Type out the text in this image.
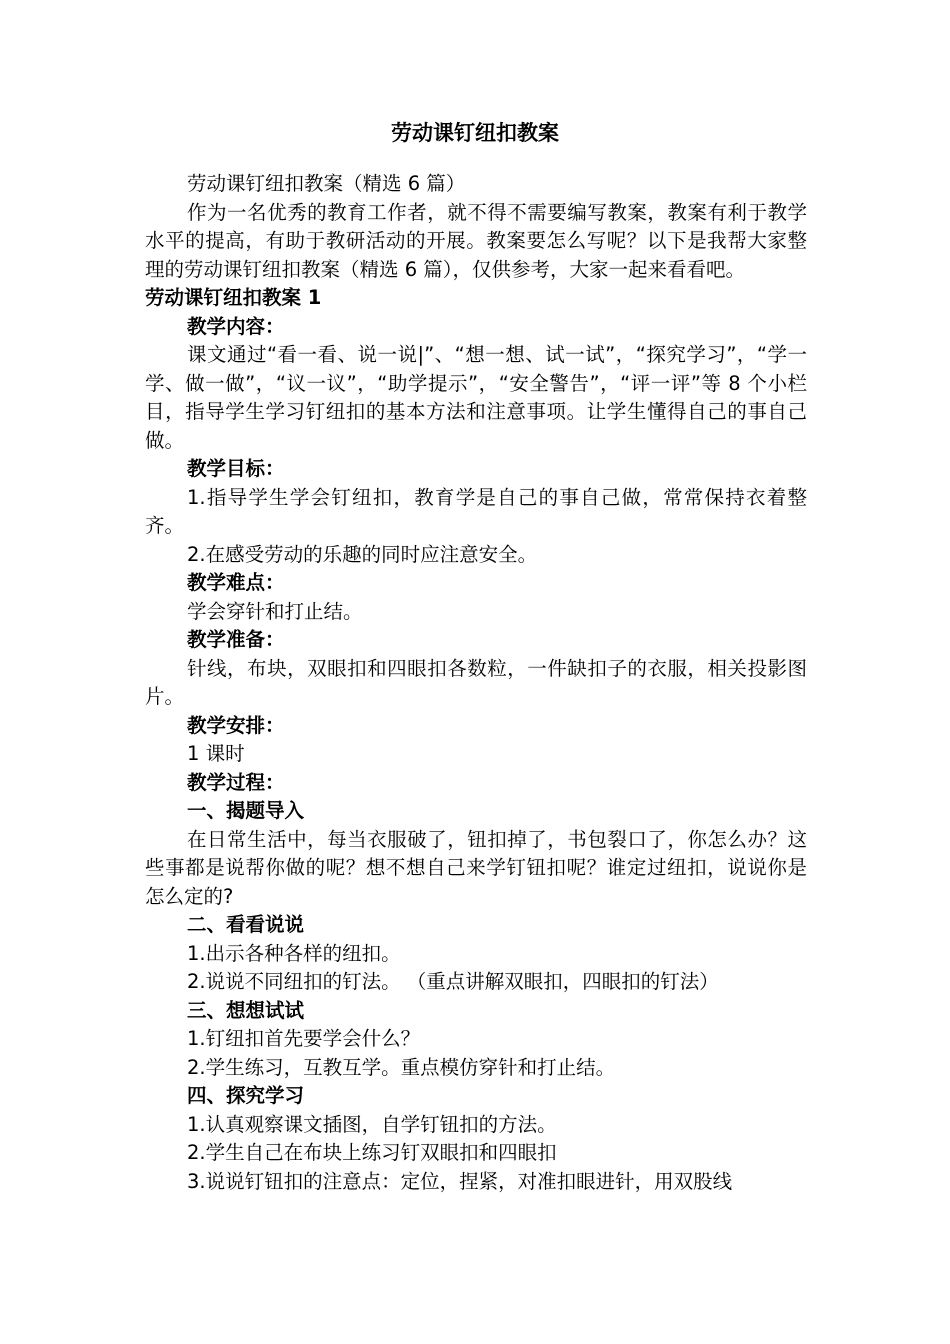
劳动课钉纽扣教案

劳动课钉纽扣教案（精选 6 篇）

作为一名优秀的教育工作者，就不得不需要编写教案，教案有利于教学水平的提高，有助于教研活动的开展。教案要怎么写呢？以下是我帮大家整理的劳动课钉纽扣教案（精选 6 篇），仅供参考，大家一起来看看吧。

劳动课钉纽扣教案 1

教学内容：

课文通过“看一看、说一说|”、“想一想、试一试”，“探究学习”，“学一学、做一做”，“议一议”，“助学提示”，“安全警告”，“评一评”等 8 个小栏目，指导学生学习钉纽扣的基本方法和注意事项。让学生懂得自己的事自己做。

教学目标：

1.指导学生学会钉纽扣，教育学是自己的事自己做，常常保持衣着整齐。

2.在感受劳动的乐趣的同时应注意安全。

教学难点：

学会穿针和打止结。

教学准备：

针线，布块，双眼扣和四眼扣各数粒，一件缺扣子的衣服，相关投影图片。

教学安排：

1 课时

教学过程：

一、揭题导入

在日常生活中，每当衣服破了，钮扣掉了，书包裂口了，你怎么办？这些事都是说帮你做的呢？想不想自己来学钉钮扣呢？谁定过纽扣，说说你是怎么定的?

二、看看说说

1.出示各种各样的纽扣。

2.说说不同纽扣的钉法。 （重点讲解双眼扣，四眼扣的钉法）

三、想想试试

1.钉纽扣首先要学会什么？

2.学生练习，互教互学。重点模仿穿针和打止结。

四、探究学习

1.认真观察课文插图，自学钉钮扣的方法。

2.学生自己在布块上练习钉双眼扣和四眼扣

3.说说钉钮扣的注意点：定位，捏紧，对准扣眼进针，用双股线
